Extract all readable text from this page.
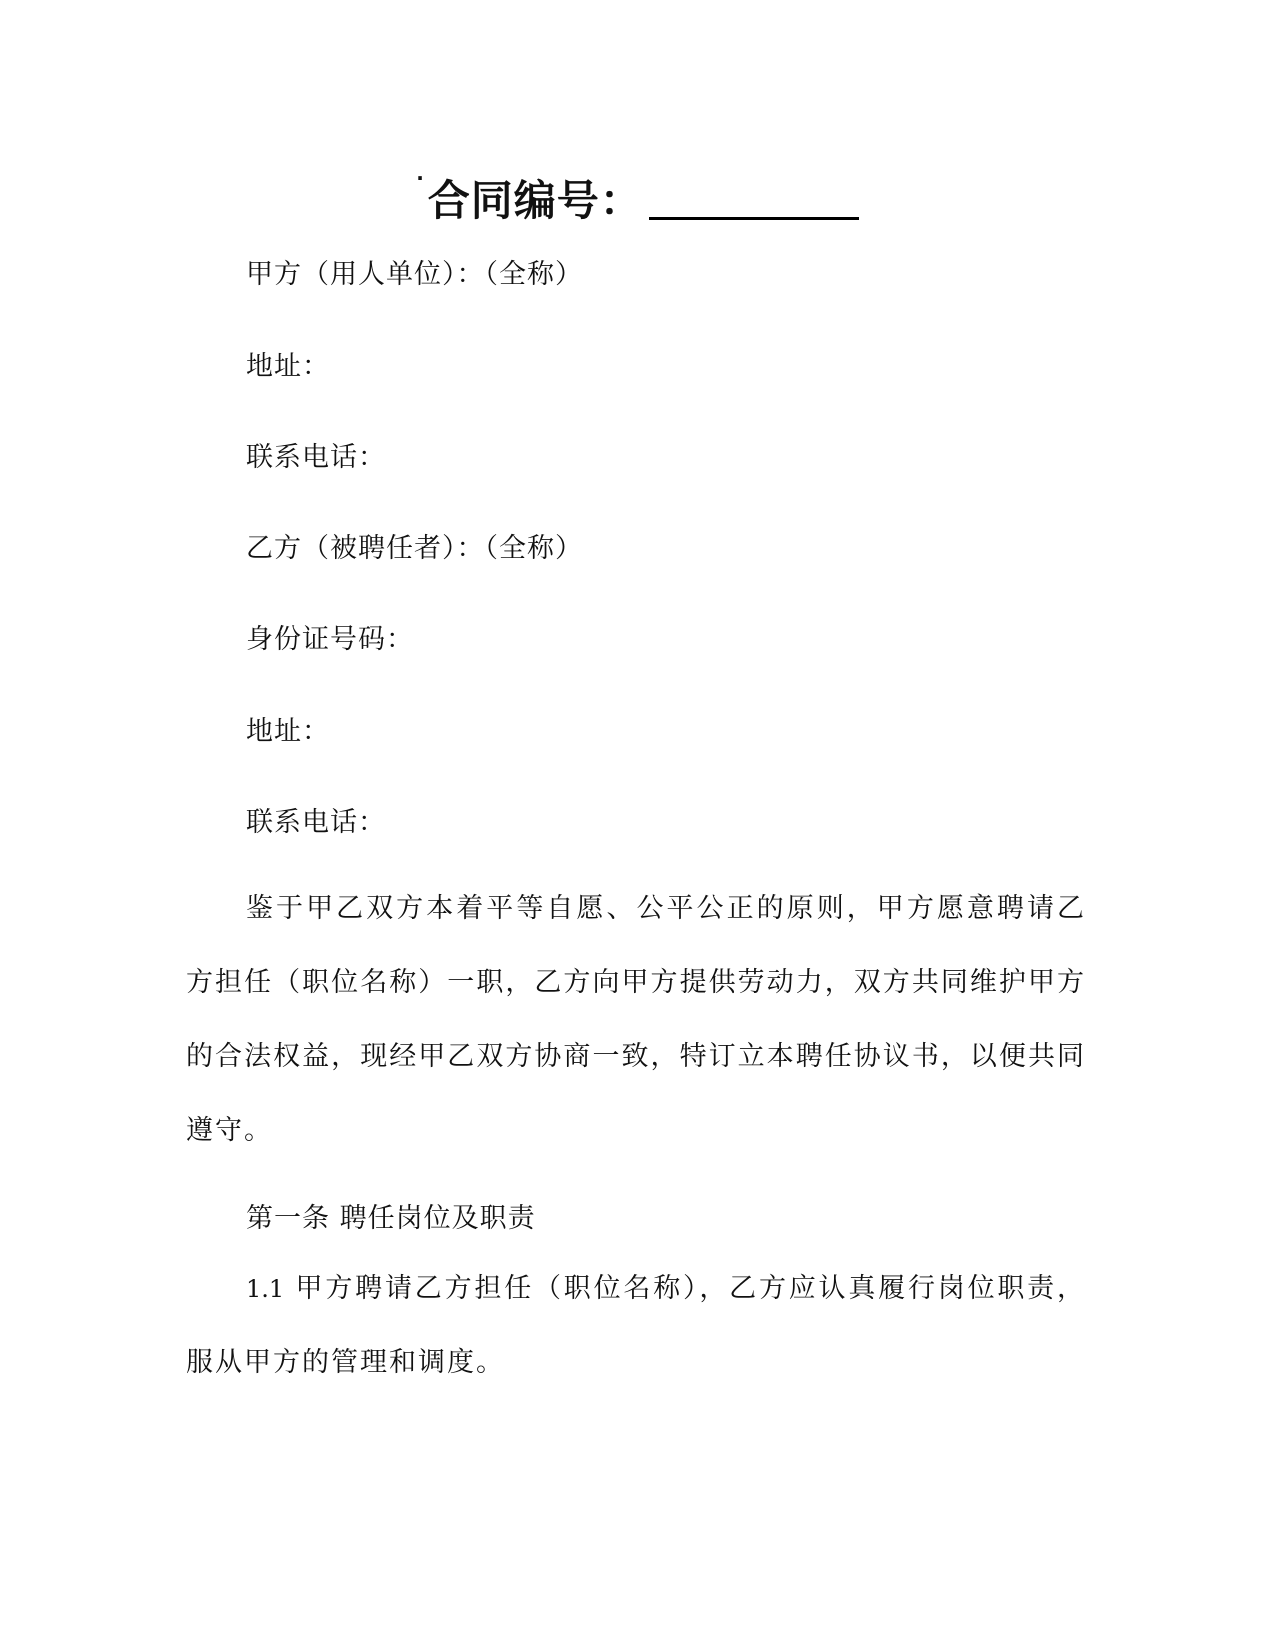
·合同编号：
甲方（用人单位）：（全称）
地址：
联系电话：
乙方（被聘任者）：（全称）
身份证号码：
地址：
联系电话：
鉴于甲乙双方本着平等自愿、公平公正的原则，甲方愿意聘请乙方担任（职位名称）一职，乙方向甲方提供劳动力，双方共同维护甲方的合法权益，现经甲乙双方协商一致，特订立本聘任协议书，以便共同遵守。
第一条 聘任岗位及职责
1.1 甲方聘请乙方担任（职位名称），乙方应认真履行岗位职责，服从甲方的管理和调度。
